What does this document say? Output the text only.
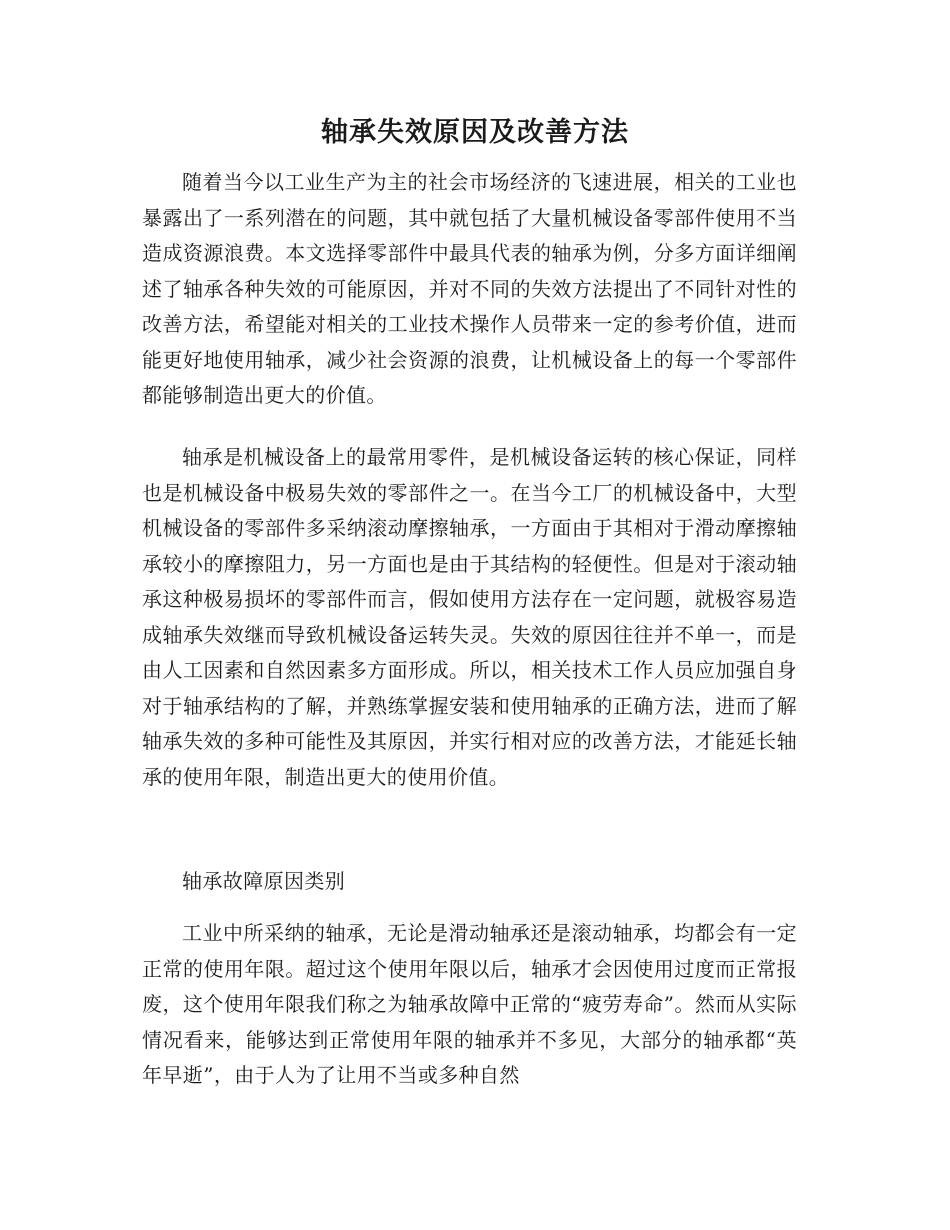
轴承失效原因及改善方法

随着当今以工业生产为主的社会市场经济的飞速进展，相关的工业也暴露出了一系列潜在的问题，其中就包括了大量机械设备零部件使用不当造成资源浪费。本文选择零部件中最具代表的轴承为例，分多方面详细阐述了轴承各种失效的可能原因，并对不同的失效方法提出了不同针对性的改善方法，希望能对相关的工业技术操作人员带来一定的参考价值，进而能更好地使用轴承，减少社会资源的浪费，让机械设备上的每一个零部件都能够制造出更大的价值。

轴承是机械设备上的最常用零件，是机械设备运转的核心保证，同样也是机械设备中极易失效的零部件之一。在当今工厂的机械设备中，大型机械设备的零部件多采纳滚动摩擦轴承，一方面由于其相对于滑动摩擦轴承较小的摩擦阻力，另一方面也是由于其结构的轻便性。但是对于滚动轴承这种极易损坏的零部件而言，假如使用方法存在一定问题，就极容易造成轴承失效继而导致机械设备运转失灵。失效的原因往往并不单一，而是由人工因素和自然因素多方面形成。所以，相关技术工作人员应加强自身对于轴承结构的了解，并熟练掌握安装和使用轴承的正确方法，进而了解轴承失效的多种可能性及其原因，并实行相对应的改善方法，才能延长轴承的使用年限，制造出更大的使用价值。

轴承故障原因类别

工业中所采纳的轴承，无论是滑动轴承还是滚动轴承，均都会有一定正常的使用年限。超过这个使用年限以后，轴承才会因使用过度而正常报废，这个使用年限我们称之为轴承故障中正常的“疲劳寿命”。然而从实际情况看来，能够达到正常使用年限的轴承并不多见，大部分的轴承都“英年早逝”，由于人为了让用不当或多种自然
